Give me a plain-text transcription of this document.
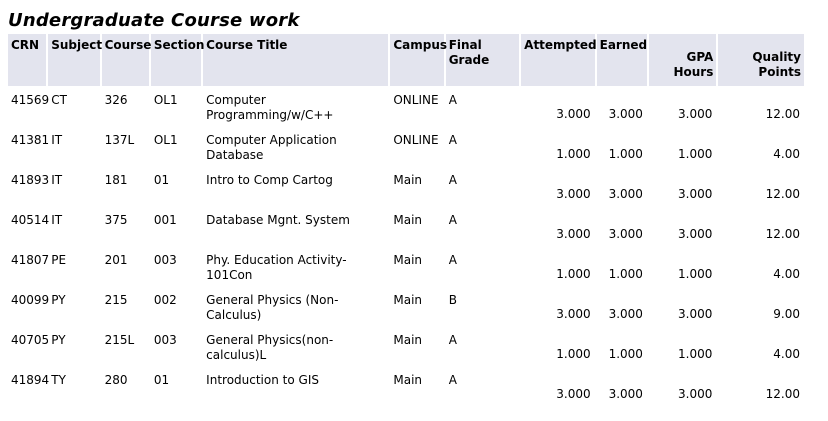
Undergraduate Course work
CRN	Subject	Course	Section	Course Title	Campus	Final Grade	Attempted	Earned	GPA Hours	Quality Points
41569	CT	326	OL1	Computer Programming/w/C++	ONLINE	A	3.000	3.000	3.000	12.00
41381	IT	137L	OL1	Computer Application Database	ONLINE	A	1.000	1.000	1.000	4.00
41893	IT	181	01	Intro to Comp Cartog	Main	A	3.000	3.000	3.000	12.00
40514	IT	375	001	Database Mgnt. System	Main	A	3.000	3.000	3.000	12.00
41807	PE	201	003	Phy. Education Activity-101Con	Main	A	1.000	1.000	1.000	4.00
40099	PY	215	002	General Physics (Non-Calculus)	Main	B	3.000	3.000	3.000	9.00
40705	PY	215L	003	General Physics(non-calculus)L	Main	A	1.000	1.000	1.000	4.00
41894	TY	280	01	Introduction to GIS	Main	A	3.000	3.000	3.000	12.00
